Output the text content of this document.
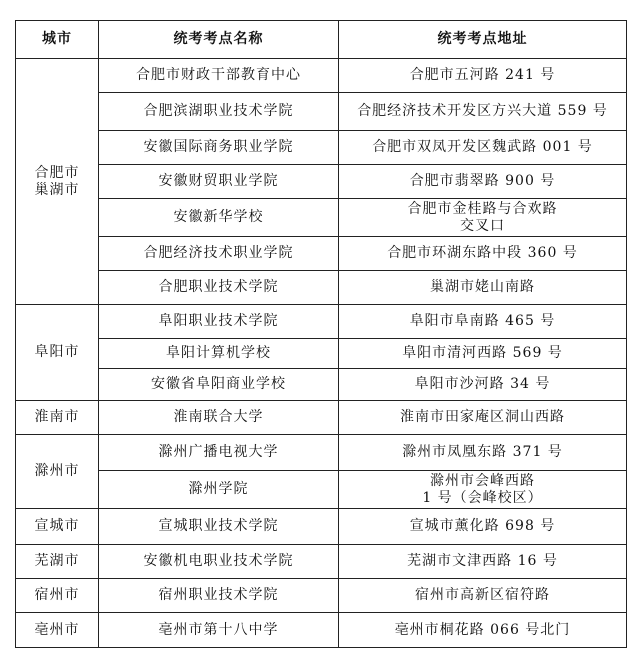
城市	统考考点名称	统考考点地址

合肥市
巢湖市	合肥市财政干部教育中心	合肥市五河路 241 号

	合肥滨湖职业技术学院	合肥经济技术开发区方兴大道 559 号

	安徽国际商务职业学院	合肥市双凤开发区魏武路 001 号

	安徽财贸职业学院	合肥市翡翠路 900 号

	安徽新华学校	合肥市金桂路与合欢路
交叉口

	合肥经济技术职业学院	合肥市环湖东路中段 360 号

	合肥职业技术学院	巢湖市姥山南路

阜阳市	阜阳职业技术学院	阜阳市阜南路 465 号

	阜阳计算机学校	阜阳市清河西路 569 号

	安徽省阜阳商业学校	阜阳市沙河路 34 号

淮南市	淮南联合大学	淮南市田家庵区洞山西路

滁州市	滁州广播电视大学	滁州市凤凰东路 371 号

	滁州学院	滁州市会峰西路
1 号（会峰校区）

宣城市	宣城职业技术学院	宣城市薰化路 698 号

芜湖市	安徽机电职业技术学院	芜湖市文津西路 16 号

宿州市	宿州职业技术学院	宿州市高新区宿符路

亳州市	亳州市第十八中学	亳州市桐花路 066 号北门
